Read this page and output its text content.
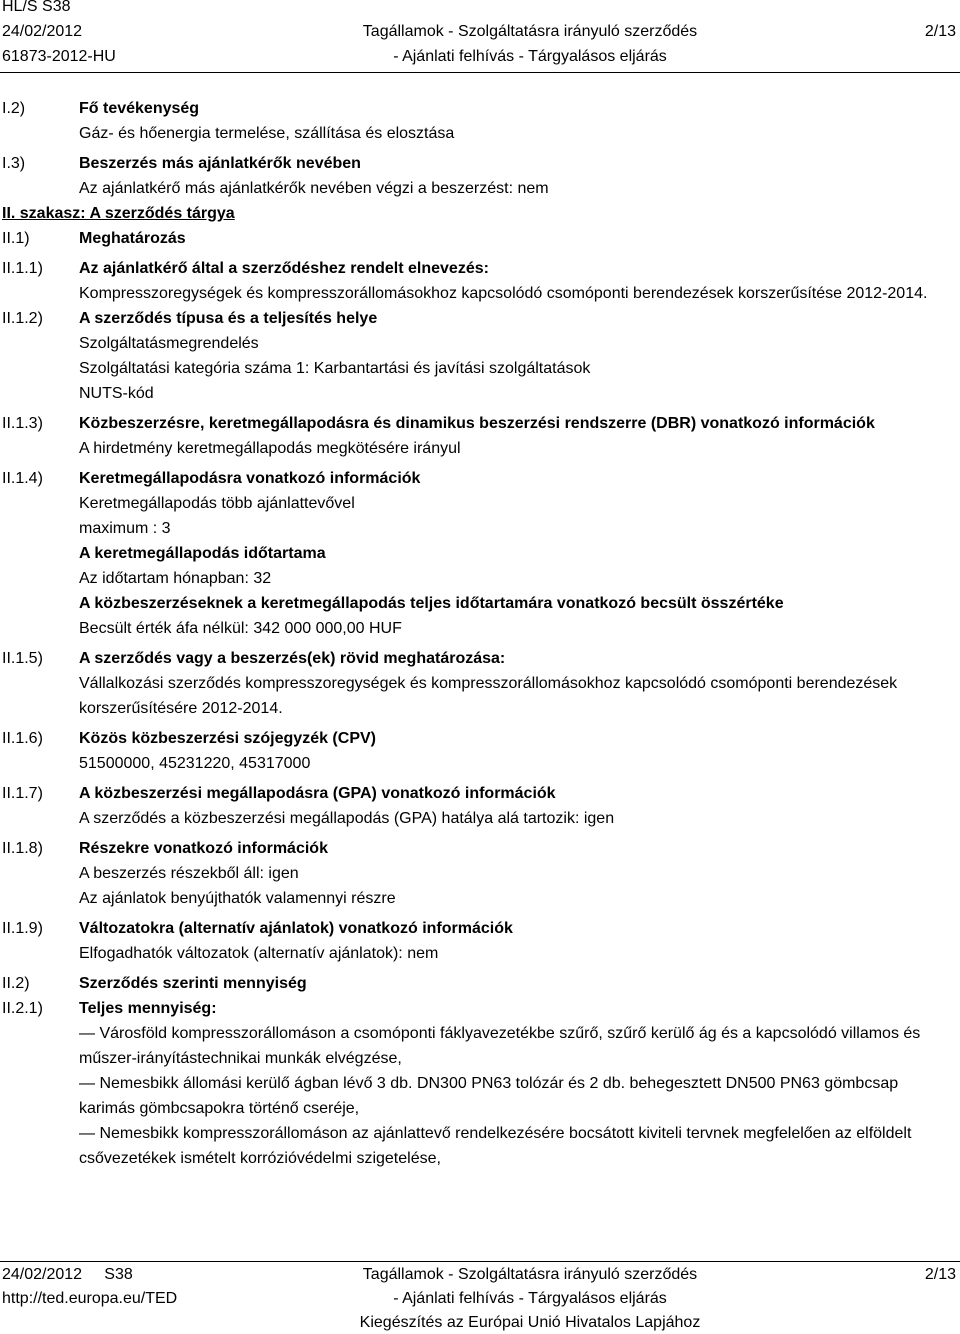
HL/S S38
24/02/2012
61873-2012-HU
Tagállamok - Szolgáltatásra irányuló szerződés
- Ajánlati felhívás - Tárgyalásos eljárás
2/13
I.2)	Fő tevékenység
Gáz- és hőenergia termelése, szállítása és elosztása
I.3)	Beszerzés más ajánlatkérők nevében
Az ajánlatkérő más ajánlatkérők nevében végzi a beszerzést: nem
II. szakasz: A szerződés tárgya
II.1)	Meghatározás
II.1.1) Az ajánlatkérő által a szerződéshez rendelt elnevezés:
Kompresszoregységek és kompresszorállomásokhoz kapcsolódó csomóponti berendezések korszerűsítése 2012-2014.
II.1.2) A szerződés típusa és a teljesítés helye
Szolgáltatásmegrendelés
Szolgáltatási kategória száma 1: Karbantartási és javítási szolgáltatások
NUTS-kód
II.1.3) Közbeszerzésre, keretmegállapodásra és dinamikus beszerzési rendszerre (DBR) vonatkozó információk
A hirdetmény keretmegállapodás megkötésére irányul
II.1.4) Keretmegállapodásra vonatkozó információk
Keretmegállapodás több ajánlattevővel
maximum : 3
A keretmegállapodás időtartama
Az időtartam hónapban: 32
A közbeszerzéseknek a keretmegállapodás teljes időtartamára vonatkozó becsült összértéke
Becsült érték áfa nélkül: 342 000 000,00 HUF
II.1.5) A szerződés vagy a beszerzés(ek) rövid meghatározása:
Vállalkozási szerződés kompresszoregységek és kompresszorállomásokhoz kapcsolódó csomóponti berendezések korszerűsítésére 2012-2014.
II.1.6) Közös közbeszerzési szójegyzék (CPV)
51500000, 45231220, 45317000
II.1.7) A közbeszerzési megállapodásra (GPA) vonatkozó információk
A szerződés a közbeszerzési megállapodás (GPA) hatálya alá tartozik: igen
II.1.8) Részekre vonatkozó információk
A beszerzés részekből áll: igen
Az ajánlatok benyújthatók valamennyi részre
II.1.9) Változatokra (alternatív ajánlatok) vonatkozó információk
Elfogadhatók változatok (alternatív ajánlatok): nem
II.2)	Szerződés szerinti mennyiség
II.2.1) Teljes mennyiség:
— Városföld kompresszorállomáson a csomóponti fáklyavezetékbe szűrő, szűrő kerülő ág és a kapcsolódó villamos és műszer-irányítástechnikai munkák elvégzése,
— Nemesbikk állomási kerülő ágban lévő 3 db. DN300 PN63 tolózár és 2 db. behegesztett DN500 PN63 gömbcsap karimás gömbcsapokra történő cseréje,
— Nemesbikk kompresszorállomáson az ajánlattevő rendelkezésére bocsátott kiviteli tervnek megfelelően az elföldelt csővezetékek ismételt korrózióvédelmi szigetelése,
24/02/2012     S38
http://ted.europa.eu/TED
Tagállamok - Szolgáltatásra irányuló szerződés
- Ajánlati felhívás - Tárgyalásos eljárás
Kiegészítés az Európai Unió Hivatalos Lapjához
2/13
